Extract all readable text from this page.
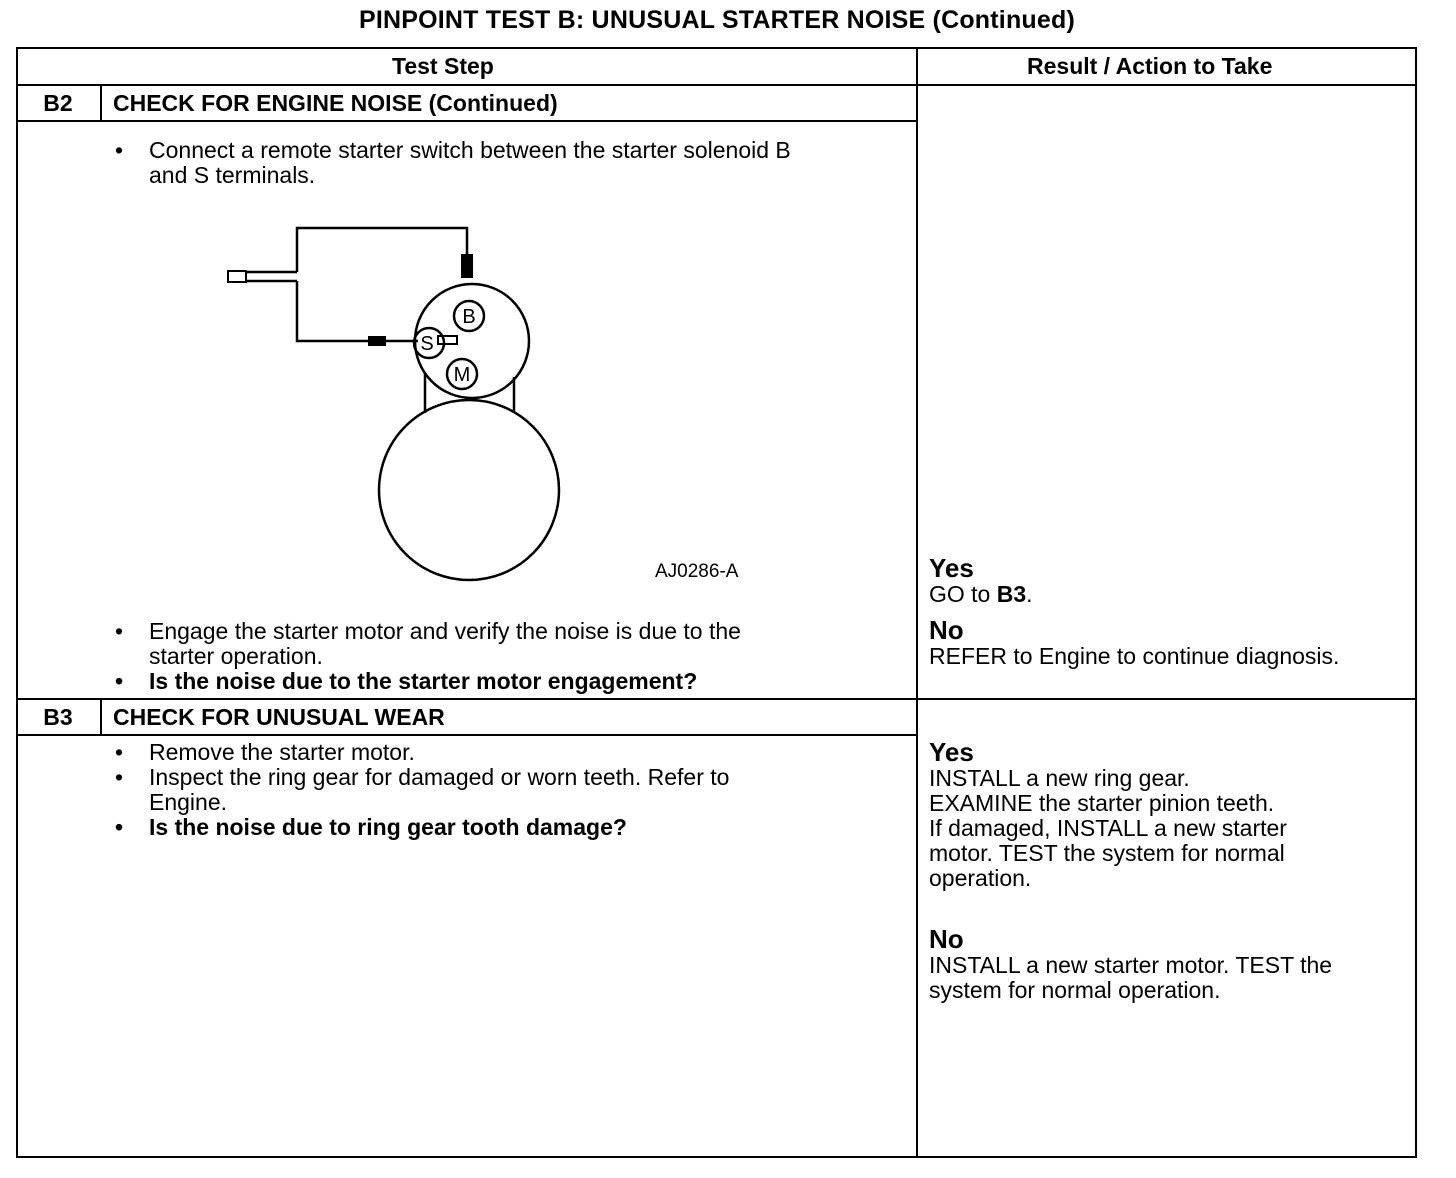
PINPOINT TEST B: UNUSUAL STARTER NOISE (Continued)
Test Step	Result / Action to Take
B2	CHECK FOR ENGINE NOISE (Continued)
• Connect a remote starter switch between the starter solenoid B
and S terminals.
B
S
M
AJ0286-A
• Engage the starter motor and verify the noise is due to the
starter operation.
• Is the noise due to the starter motor engagement?
Yes
GO to B3.
No
REFER to Engine to continue diagnosis.
B3	CHECK FOR UNUSUAL WEAR
• Remove the starter motor.
• Inspect the ring gear for damaged or worn teeth. Refer to
Engine.
• Is the noise due to ring gear tooth damage?
Yes
INSTALL a new ring gear.
EXAMINE the starter pinion teeth.
If damaged, INSTALL a new starter
motor. TEST the system for normal
operation.
No
INSTALL a new starter motor. TEST the
system for normal operation.
